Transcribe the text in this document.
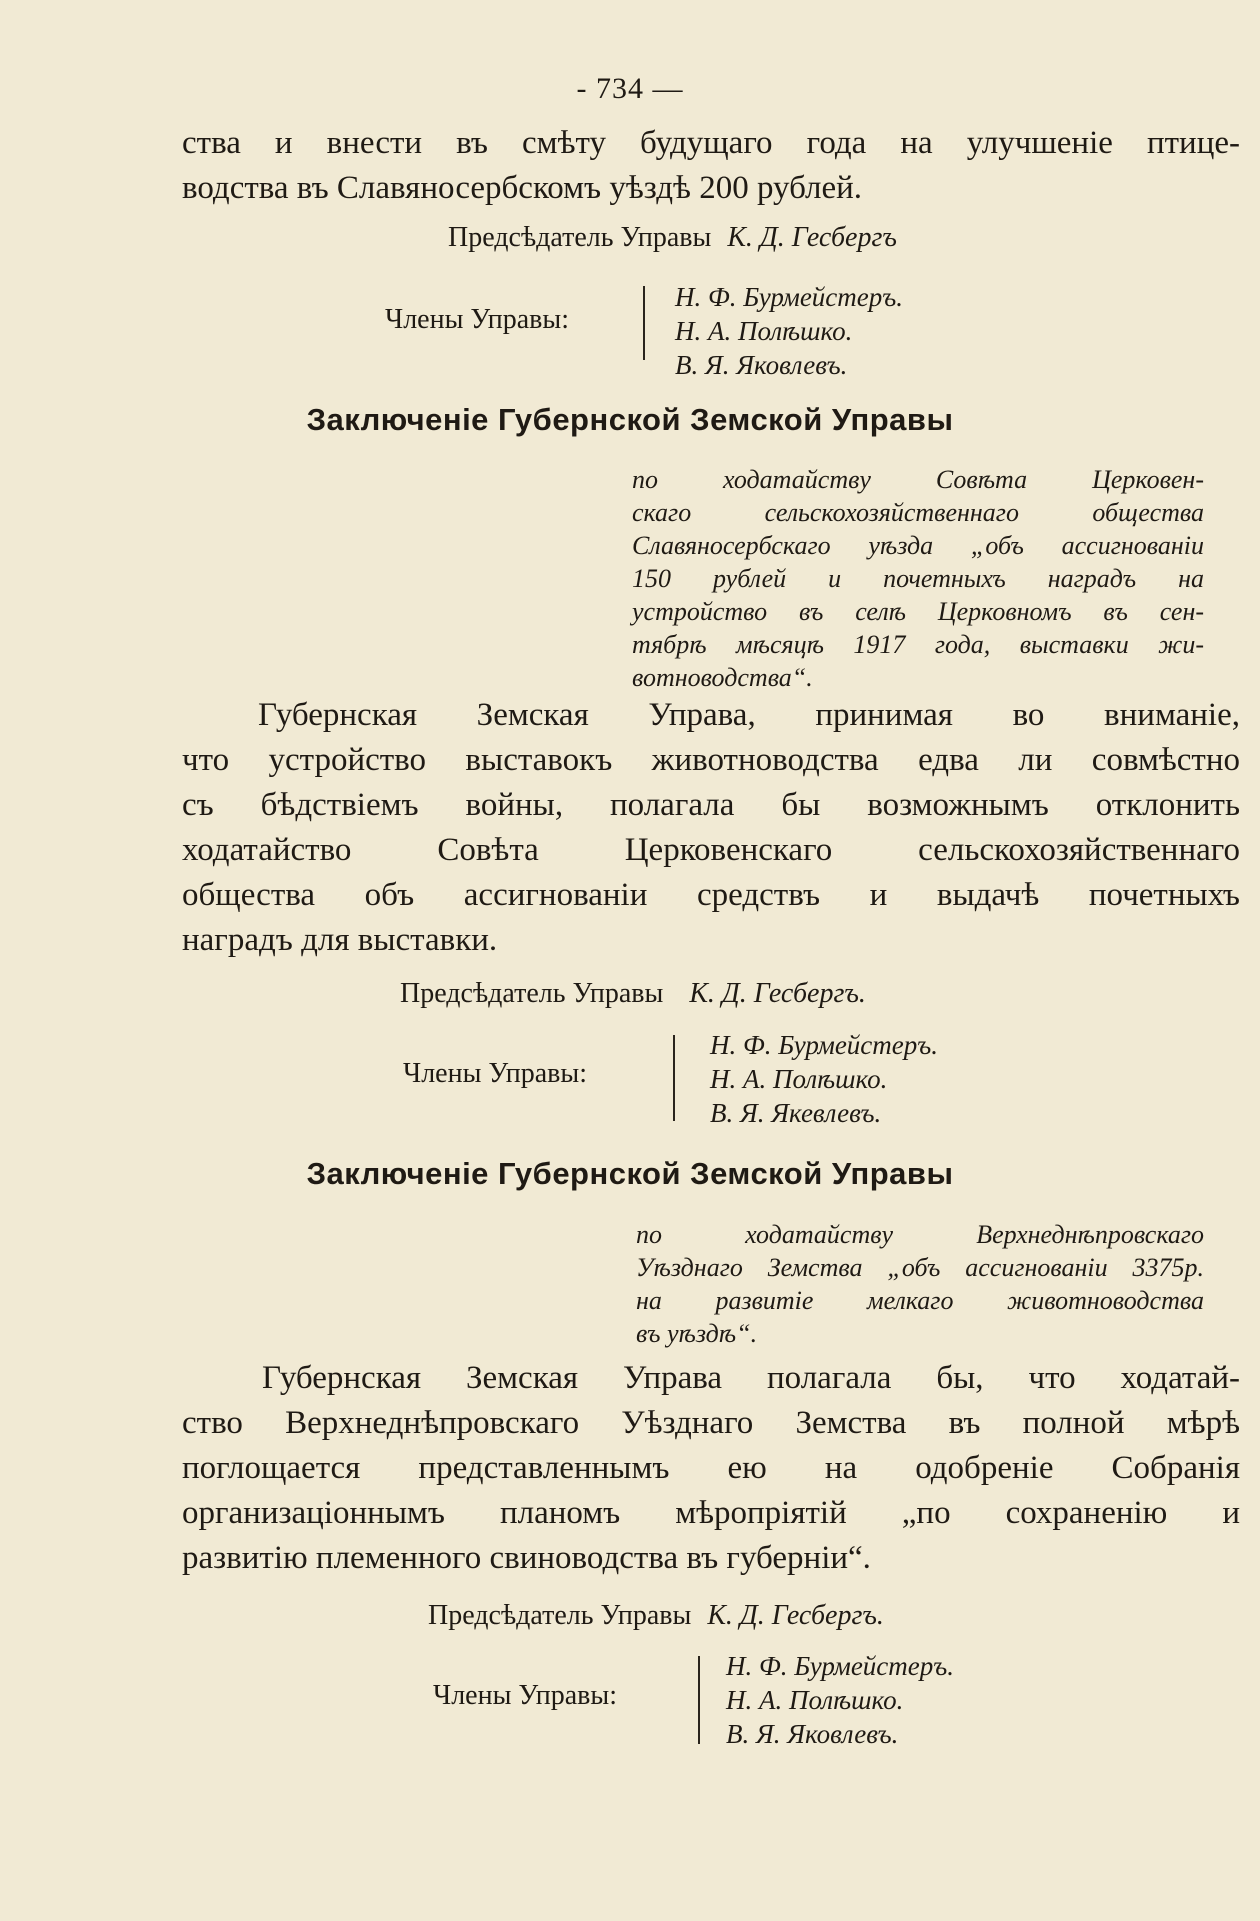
- 734 —
ства и внести въ смѣту будущаго года на улучшенiе птице-
водства въ Славяносербскомъ уѣздѣ 200 рублей.
Предсѣдатель Управы К. Д. Гесбергъ
Члены Управы:
Н. Ф. Бурмейстеръ.
Н. А. Полѣшко.
В. Я. Яковлевъ.
Заключенiе Губернской Земской Управы
по ходатайству Совѣта Церковен-
скаго сельскохозяйственнаго общества
Славяносербскаго уѣзда „объ ассигнованiи
150 рублей и почетныхъ наградъ на
устройство въ селѣ Церковномъ въ сен-
тябрѣ мѣсяцѣ 1917 года, выставки жи-
вотноводства“.
Губернская Земская Управа, принимая во вниманiе,
что устройство выставокъ животноводства едва ли совмѣстно
съ бѣдствiемъ войны, полагала бы возможнымъ отклонить
ходатайство Совѣта Церковенскаго сельскохозяйственнаго
общества объ ассигнованiи средствъ и выдачѣ почетныхъ
наградъ для выставки.
Предсѣдатель Управы К. Д. Гесбергъ.
Члены Управы:
Н. Ф. Бурмейстеръ.
Н. А. Полѣшко.
В. Я. Якевлевъ.
Заключенiе Губернской Земской Управы
по ходатайству Верхнеднѣпровскаго
Уѣзднаго Земства „объ ассигнованiи 3375р.
на развитiе мелкаго животноводства
въ уѣздѣ“.
Губернская Земская Управа полагала бы, что ходатай-
ство Верхнеднѣпровскаго Уѣзднаго Земства въ полной мѣрѣ
поглощается представленнымъ ею на одобренiе Собранiя
организацiоннымъ планомъ мѣропрiятiй „по сохраненiю и
развитiю племенного свиноводства въ губернiи“.
Предсѣдатель Управы К. Д. Гесбергъ.
Члены Управы:
Н. Ф. Бурмейстеръ.
Н. А. Полѣшко.
В. Я. Яковлевъ.
